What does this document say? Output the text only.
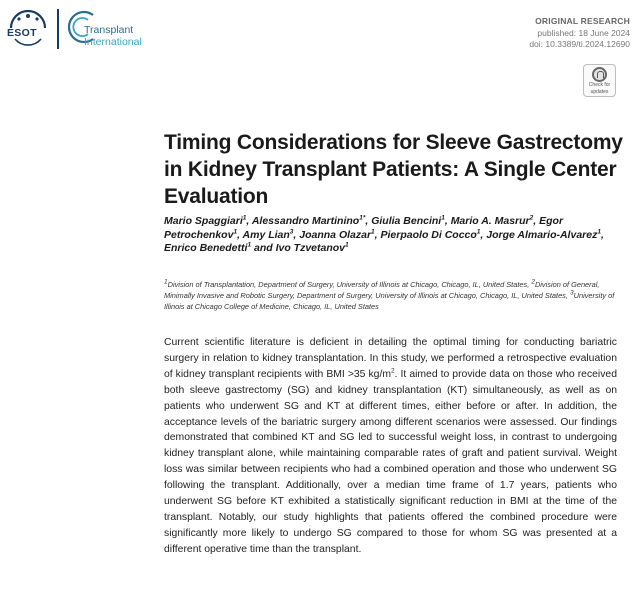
ESOT	Transplant
International
ORIGINAL RESEARCH
published: 18 June 2024
doi: 10.3389/ti.2024.12690
Check for
updates
Timing Considerations for Sleeve Gastrectomy in Kidney Transplant Patients: A Single Center Evaluation

Mario Spaggiari$^1$, Alessandro Martinino$^{1*}$, Giulia Bencini$^1$, Mario A. Masrur$^2$, Egor Petrochenkov$^1$, Amy Lian$^3$, Joanna Olazar$^1$, Pierpaolo Di Cocco$^1$, Jorge Almario-Alvarez$^1$, Enrico Benedetti$^1$ and Ivo Tzvetanov$^1$

$^1$Division of Transplantation, Department of Surgery, University of Illinois at Chicago, Chicago, IL, United States, $^2$Division of General, Minimally Invasive and Robotic Surgery, Department of Surgery, University of Illinois at Chicago, Chicago, IL, United States, $^3$University of Illinois at Chicago College of Medicine, Chicago, IL, United States

Current scientific literature is deficient in detailing the optimal timing for conducting bariatric surgery in relation to kidney transplantation. In this study, we performed a retrospective evaluation of kidney transplant recipients with BMI >35 $kg/m^2$. It aimed to provide data on those who received both sleeve gastrectomy (SG) and kidney transplantation (KT) simultaneously, as well as on patients who underwent SG and KT at different times, either before or after. In addition, the acceptance levels of the bariatric surgery among different scenarios were assessed. Our findings demonstrated that combined KT and SG led to successful weight loss, in contrast to undergoing kidney transplant alone, while maintaining comparable rates of graft and patient survival. Weight loss was similar between recipients who had a combined operation and those who underwent SG following the transplant. Additionally, over a median time frame of 1.7 years, patients who underwent SG before KT exhibited a statistically significant reduction in BMI at the time of the transplant. Notably, our study highlights that patients offered the combined procedure were significantly more likely to undergo SG compared to those for whom SG was presented at a different operative time than the transplant.
